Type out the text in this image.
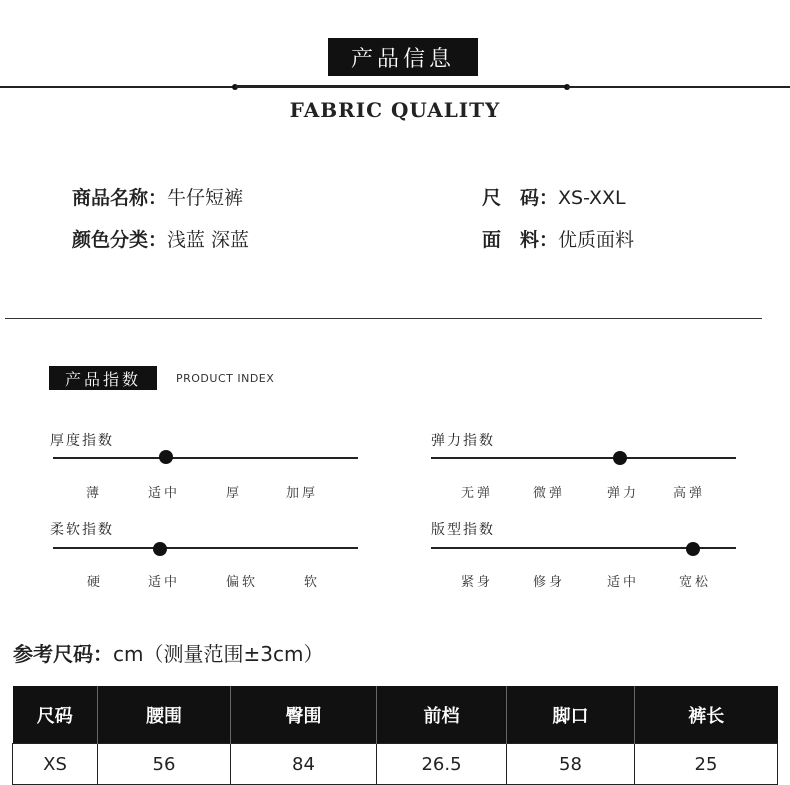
产品信息
FABRIC QUALITY
商品名称：牛仔短裤
颜色分类：浅蓝 深蓝
尺　码：XS-XXL
面　料：优质面料
产品指数	PRODUCT INDEX
厚度指数
薄	适中	厚	加厚
弹力指数
无弹	微弹	弹力	高弹
柔软指数
硬	适中	偏软	软
版型指数
紧身	修身	适中	宽松
参考尺码：cm（测量范围±3cm）
尺码	腰围	臀围	前档	脚口	裤长
XS	56	84	26.5	58	25
